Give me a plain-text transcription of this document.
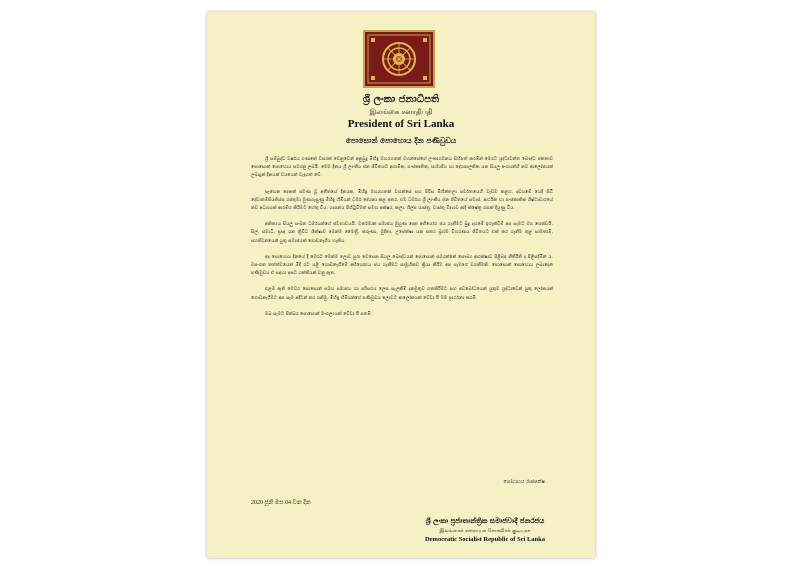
ශ්‍රී ලංකා ජනාධිපති
இலங்கை சனாதிபதி
President of Sri Lanka
පොසොන් පොහොය දින පණිවුඩය

ශ්‍රී සම්බුද්ධ වර්ෂය ගණනේ වසරක් වෙනුවෙන් අනුබුදු මිහිඳු මහරහතන් වහන්සේගේ ලංකාගමනය සිහිපත් කරමින් මෙරට ශ්‍රද්ධාවන්ත බෞද්ධ ජනතාව පොසොන් පොහොය සමරනු ලබයි. මෙම දිනය ශ්‍රී ලාංකීය ජන ජීවිතයට ආගමික, සංස්කෘතික, සාමාජීය හා දේශපාලනික යන සියලු අංශයන්හි නව ආලෝකයක් ලබාදුන් දිනයක් වශයෙන් වැදගත් වේ.

සෑහෙන දෙකක් පමණ වූ අතීතයේ දිනයක, මිහිඳු මහරහතන් වහන්සේ සහ පිරිස මිහින්තලා පර්වතයෙහි වැඩම කළහ. දඩයමේ යෙදී සිටි දේවානම්පියතිස්ස රජතුමා මුණගැසුණු මිහිඳු හිමියන් ධර්ම දේශනා කළ අතර, එම ධර්මය ශ්‍රී ලාංකීය ජන ජීවිතයේ සමාජ, ආර්ථික හා සංස්කෘතික ශිෂ්ටාචාරයේ නව අධ්‍යායක් ආරම්භ කිරීමට හේතු විය. ශාසනය පිහිටුවීමත් සමඟ අක්ෂර, කලා, ශිල්ප ශාස්ත්‍ර, වාස්තු විද්‍යාව ආදී ක්ෂේත්‍ර රැසක් දියුණු විය.

අනිත්‍යය සියලු සංඛත ධර්මයන්ගේ ස්වභාවයයි. වර්තමාන සමාජය මුහුණ දෙන අභියෝග ජය ගැනීමට බුදු දහමේ ඉගැන්වීම් අප සැමට මග පෙන්වයි. සිල්, සමාධි, ප්‍රඥා යන ත්‍රිවිධ ශික්ෂාව මෙන්ම මෛත්‍රී, කරුණා, මුදිතා, උපේක්ෂා යන සතර බ්‍රහ්ම විහරණය ජීවිතයට එක් කර ගැනීම තුළ සාමකාමී, සහජීවනයෙන් යුතු සමාජයක් ගොඩනැගිය හැකිය.

අද පොහොය දිනයේ දී මෙරට මෙන්ම ලොව පුරා වෙසෙන සියලු බෞද්ධයන් පොසොන් සමරන්නේ සෞඛ්‍ය ආරක්ෂාව පිළිබඳ නීතිරීති ද පිළිපදිමින් ය. වසංගත තත්ත්වයෙන් මිදී රට යළි ගොඩනැගීමේ අභියෝගය ජය ගැනීමට සාමූහිකව ක්‍රියා කිරීම අප සැමගේ වගකීමකි. පොසොන් පොහොය ලබාදෙන පණිවුඩය ඒ සඳහා අපට ශක්තියක් වනු ඇත.

එළඹ ඇති මෙවර පොසොන් සමය සමාජය හා පරිසරය ලෙස සැලකීම් දැනමුතුව ගතකිරීමට සහ අවබෝධයෙන් යුතුව ශ්‍රද්ධාවෙන් යුතු ලෝකයක් ගොඩනැගීමට අප සැම අදිටන් කර ගනිමු. මිහිඳු හිමියන්ගේ පණිවුඩය ලොවට ආලෝකයක් වේවා යි මම ප්‍රාර්ථනා කරමි.

ඔබ සැමට පින්බර පොසොන් මංගල්‍යයක් වේවා යි පතමි.

ගෝඨාභය රාජපක්ෂ
2020 ජූනි මස 04 වන දින
ශ්‍රී ලංකා ප්‍රජාතාන්ත්‍රික සමාජවාදී ජනරජය
இலங்கைச் சனநாயக சோசலிசக் குடியரசு
Democratic Socialist Republic of Sri Lanka
